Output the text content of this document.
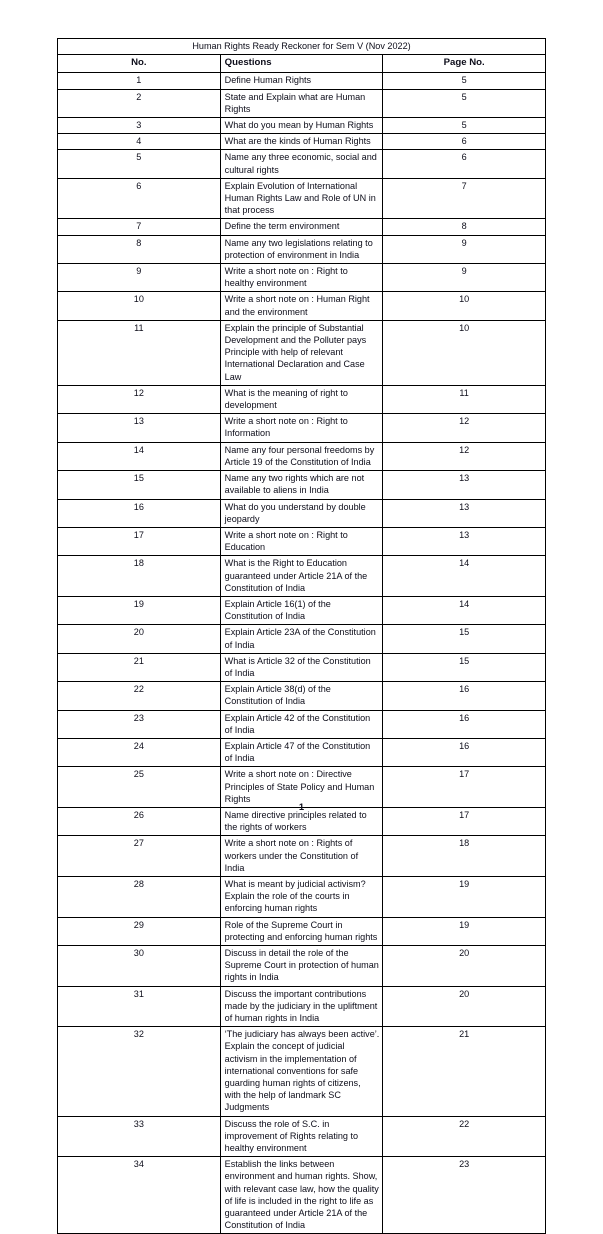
Human Rights Ready Reckoner for Sem V (Nov 2022)		
No.	Questions	Page No.
1	Define Human Rights	5
2	State and Explain what are Human Rights	5
3	What do you mean by Human Rights	5
4	What are the kinds of Human Rights	6
5	Name any three economic, social and cultural rights	6
6	Explain Evolution of International Human Rights Law and Role of UN in that process	7
7	Define the term environment	8
8	Name any two legislations relating to protection of environment in India	9
9	Write a short note on : Right to healthy environment	9
10	Write a short note on : Human Right and the environment	10
11	Explain the principle of Substantial Development and the Polluter pays Principle with help of relevant International Declaration and Case Law	10
12	What is the meaning of right to development	11
13	Write a short note on : Right to Information	12
14	Name any four personal freedoms by Article 19 of the Constitution of India	12
15	Name any two rights which are not available to aliens in India	13
16	What do you understand by double jeopardy	13
17	Write a short note on : Right to Education	13
18	What is the Right to Education guaranteed under Article 21A of the Constitution of India	14
19	Explain Article 16(1) of the Constitution of India	14
20	Explain Article 23A of the Constitution of India	15
21	What is Article 32 of the Constitution of India	15
22	Explain Article 38(d) of the Constitution of India	16
23	Explain Article 42 of the Constitution of India	16
24	Explain Article 47 of the Constitution of India	16
25	Write a short note on : Directive Principles of State Policy and Human Rights	17
26	Name directive principles related to the rights of workers	17
27	Write a short note on : Rights of workers under the Constitution of India	18
28	What is meant by judicial activism? Explain the role of the courts in enforcing human rights	19
29	Role of the Supreme Court in protecting and enforcing human rights	19
30	Discuss in detail the role of the Supreme Court in protection of human rights in India	20
31	Discuss the important contributions made by the judiciary in the upliftment of human rights in India	20
32	‘The judiciary has always been active’. Explain the concept of judicial activism in the implementation of international conventions for safe guarding human rights of citizens, with the help of landmark SC Judgments	21
33	Discuss the role of S.C. in improvement of Rights relating to healthy environment	22
34	Establish the links between environment and human rights. Show, with relevant case law, how the quality of life is included in the right to life as guaranteed under Article 21A of the Constitution of India	23
1
